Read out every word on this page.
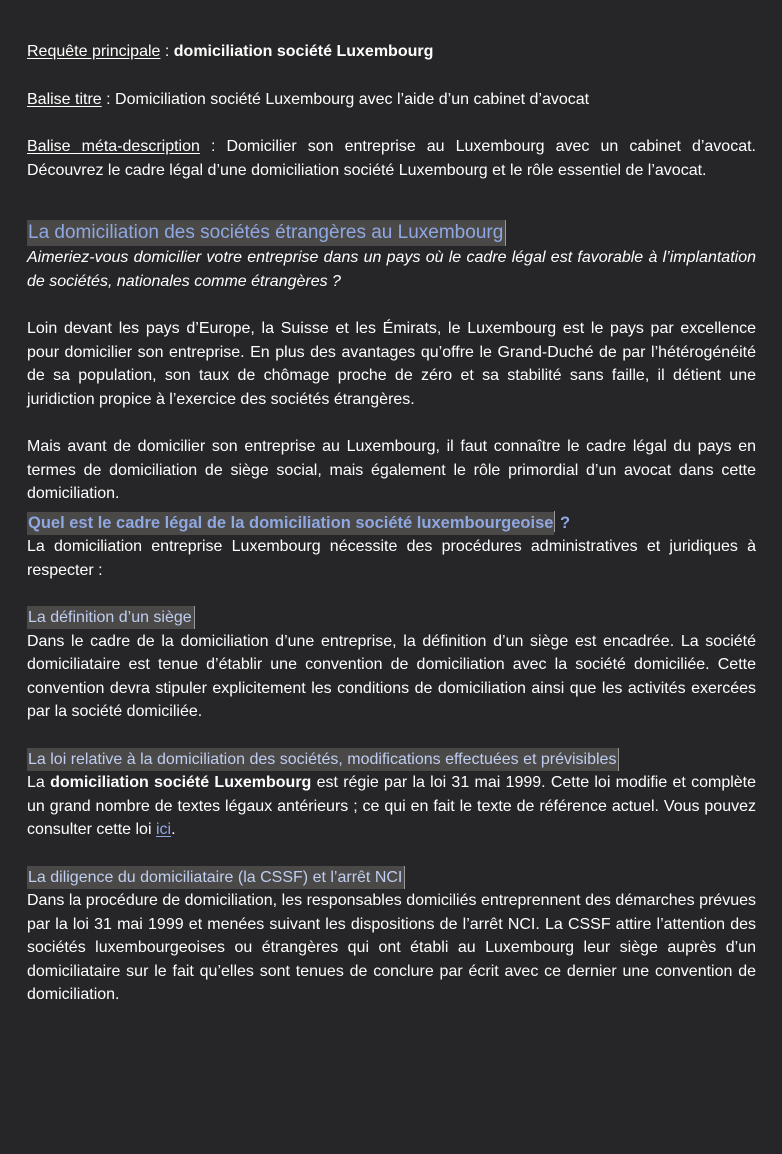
Requête principale : domiciliation société Luxembourg

Balise titre : Domiciliation société Luxembourg avec l’aide d’un cabinet d’avocat

Balise méta-description : Domicilier son entreprise au Luxembourg avec un cabinet d’avocat. Découvrez le cadre légal d’une domiciliation société Luxembourg et le rôle essentiel de l’avocat.

La domiciliation des sociétés étrangères au Luxembourg

Aimeriez-vous domicilier votre entreprise dans un pays où le cadre légal est favorable à l’implantation de sociétés, nationales comme étrangères ?

Loin devant les pays d’Europe, la Suisse et les Émirats, le Luxembourg est le pays par excellence pour domicilier son entreprise. En plus des avantages qu’offre le Grand-Duché de par l’hétérogénéité de sa population, son taux de chômage proche de zéro et sa stabilité sans faille, il détient une juridiction propice à l’exercice des sociétés étrangères.

Mais avant de domicilier son entreprise au Luxembourg, il faut connaître le cadre légal du pays en termes de domiciliation de siège social, mais également le rôle primordial d’un avocat dans cette domiciliation.

Quel est le cadre légal de la domiciliation société luxembourgeoise ?

La domiciliation entreprise Luxembourg nécessite des procédures administratives et juridiques à respecter :

La définition d’un siège

Dans le cadre de la domiciliation d’une entreprise, la définition d’un siège est encadrée. La société domiciliataire est tenue d’établir une convention de domiciliation avec la société domiciliée. Cette convention devra stipuler explicitement les conditions de domiciliation ainsi que les activités exercées par la société domiciliée.

La loi relative à la domiciliation des sociétés, modifications effectuées et prévisibles

La domiciliation société Luxembourg est régie par la loi 31 mai 1999. Cette loi modifie et complète un grand nombre de textes légaux antérieurs ; ce qui en fait le texte de référence actuel. Vous pouvez consulter cette loi ici.

La diligence du domiciliataire (la CSSF) et l’arrêt NCI

Dans la procédure de domiciliation, les responsables domiciliés entreprennent des démarches prévues par la loi 31 mai 1999 et menées suivant les dispositions de l’arrêt NCI. La CSSF attire l’attention des sociétés luxembourgeoises ou étrangères qui ont établi au Luxembourg leur siège auprès d’un domiciliataire sur le fait qu’elles sont tenues de conclure par écrit avec ce dernier une convention de domiciliation.
